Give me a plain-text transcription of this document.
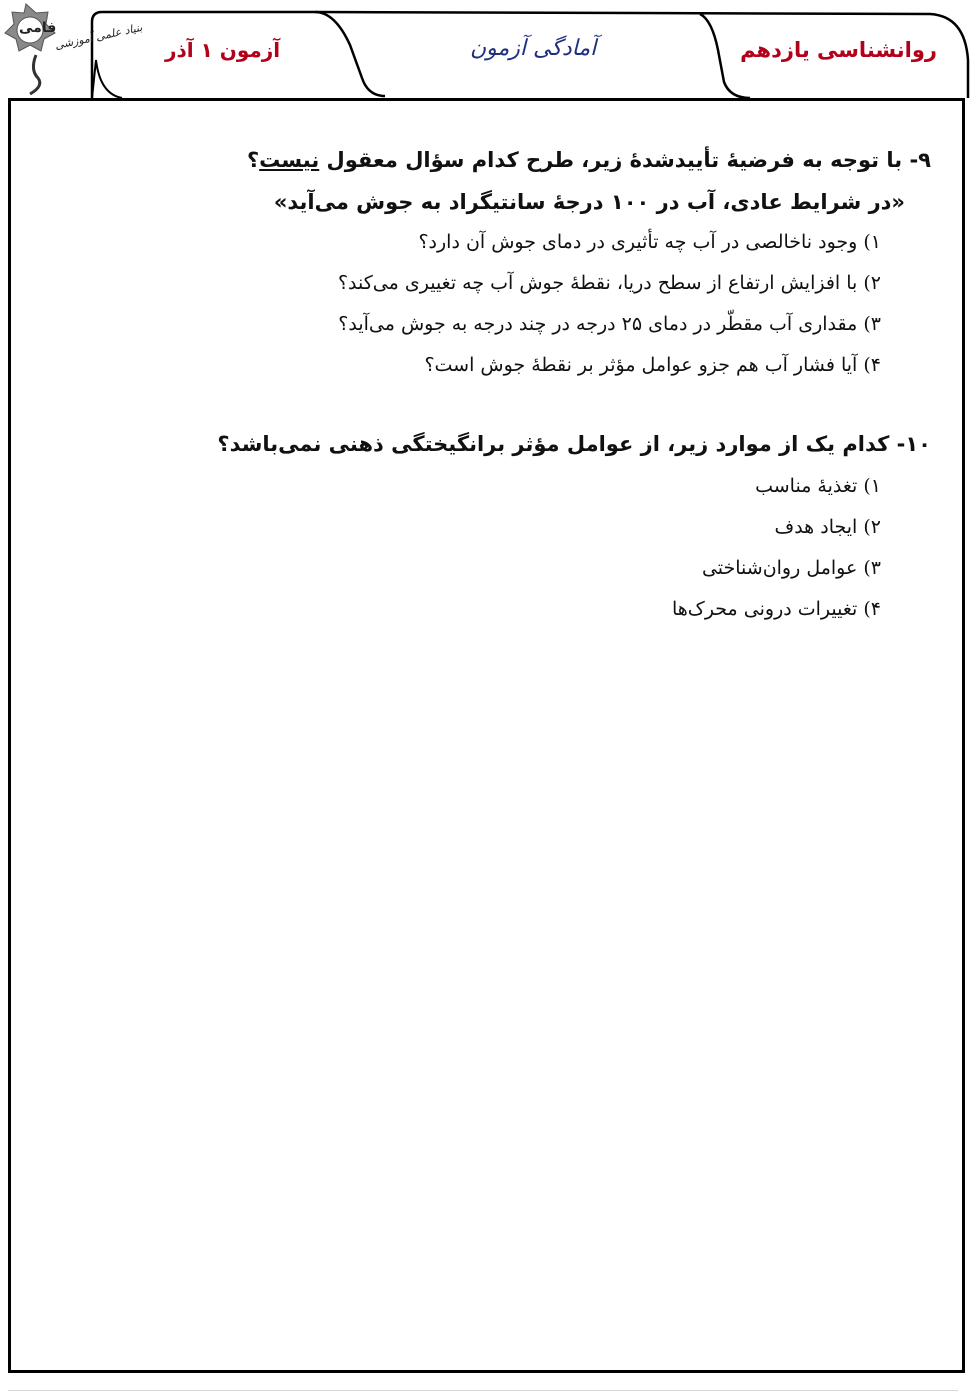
فامی
بنیاد علمی آموزشی آزمون ۱ آذر	آمادگی آزمون	روانشناسی یازدهم
۹- با توجه به فرضیهٔ تأییدشدهٔ زیر، طرح کدام سؤال معقول نیست؟
«در شرایط عادی، آب در ۱۰۰ درجهٔ سانتیگراد به جوش می‌آید»
۱) وجود ناخالصی در آب چه تأثیری در دمای جوش آن دارد؟
۲) با افزایش ارتفاع از سطح دریا، نقطهٔ جوش آب چه تغییری می‌کند؟
۳) مقداری آب مقطّر در دمای ۲۵ درجه در چند درجه به جوش می‌آید؟
۴) آیا فشار آب هم جزو عوامل مؤثر بر نقطهٔ جوش است؟
۱۰- کدام یک از موارد زیر، از عوامل مؤثر برانگیختگی ذهنی نمی‌باشد؟
۱) تغذیهٔ مناسب
۲) ایجاد هدف
۳) عوامل روان‌شناختی
۴) تغییرات درونی محرک‌ها
